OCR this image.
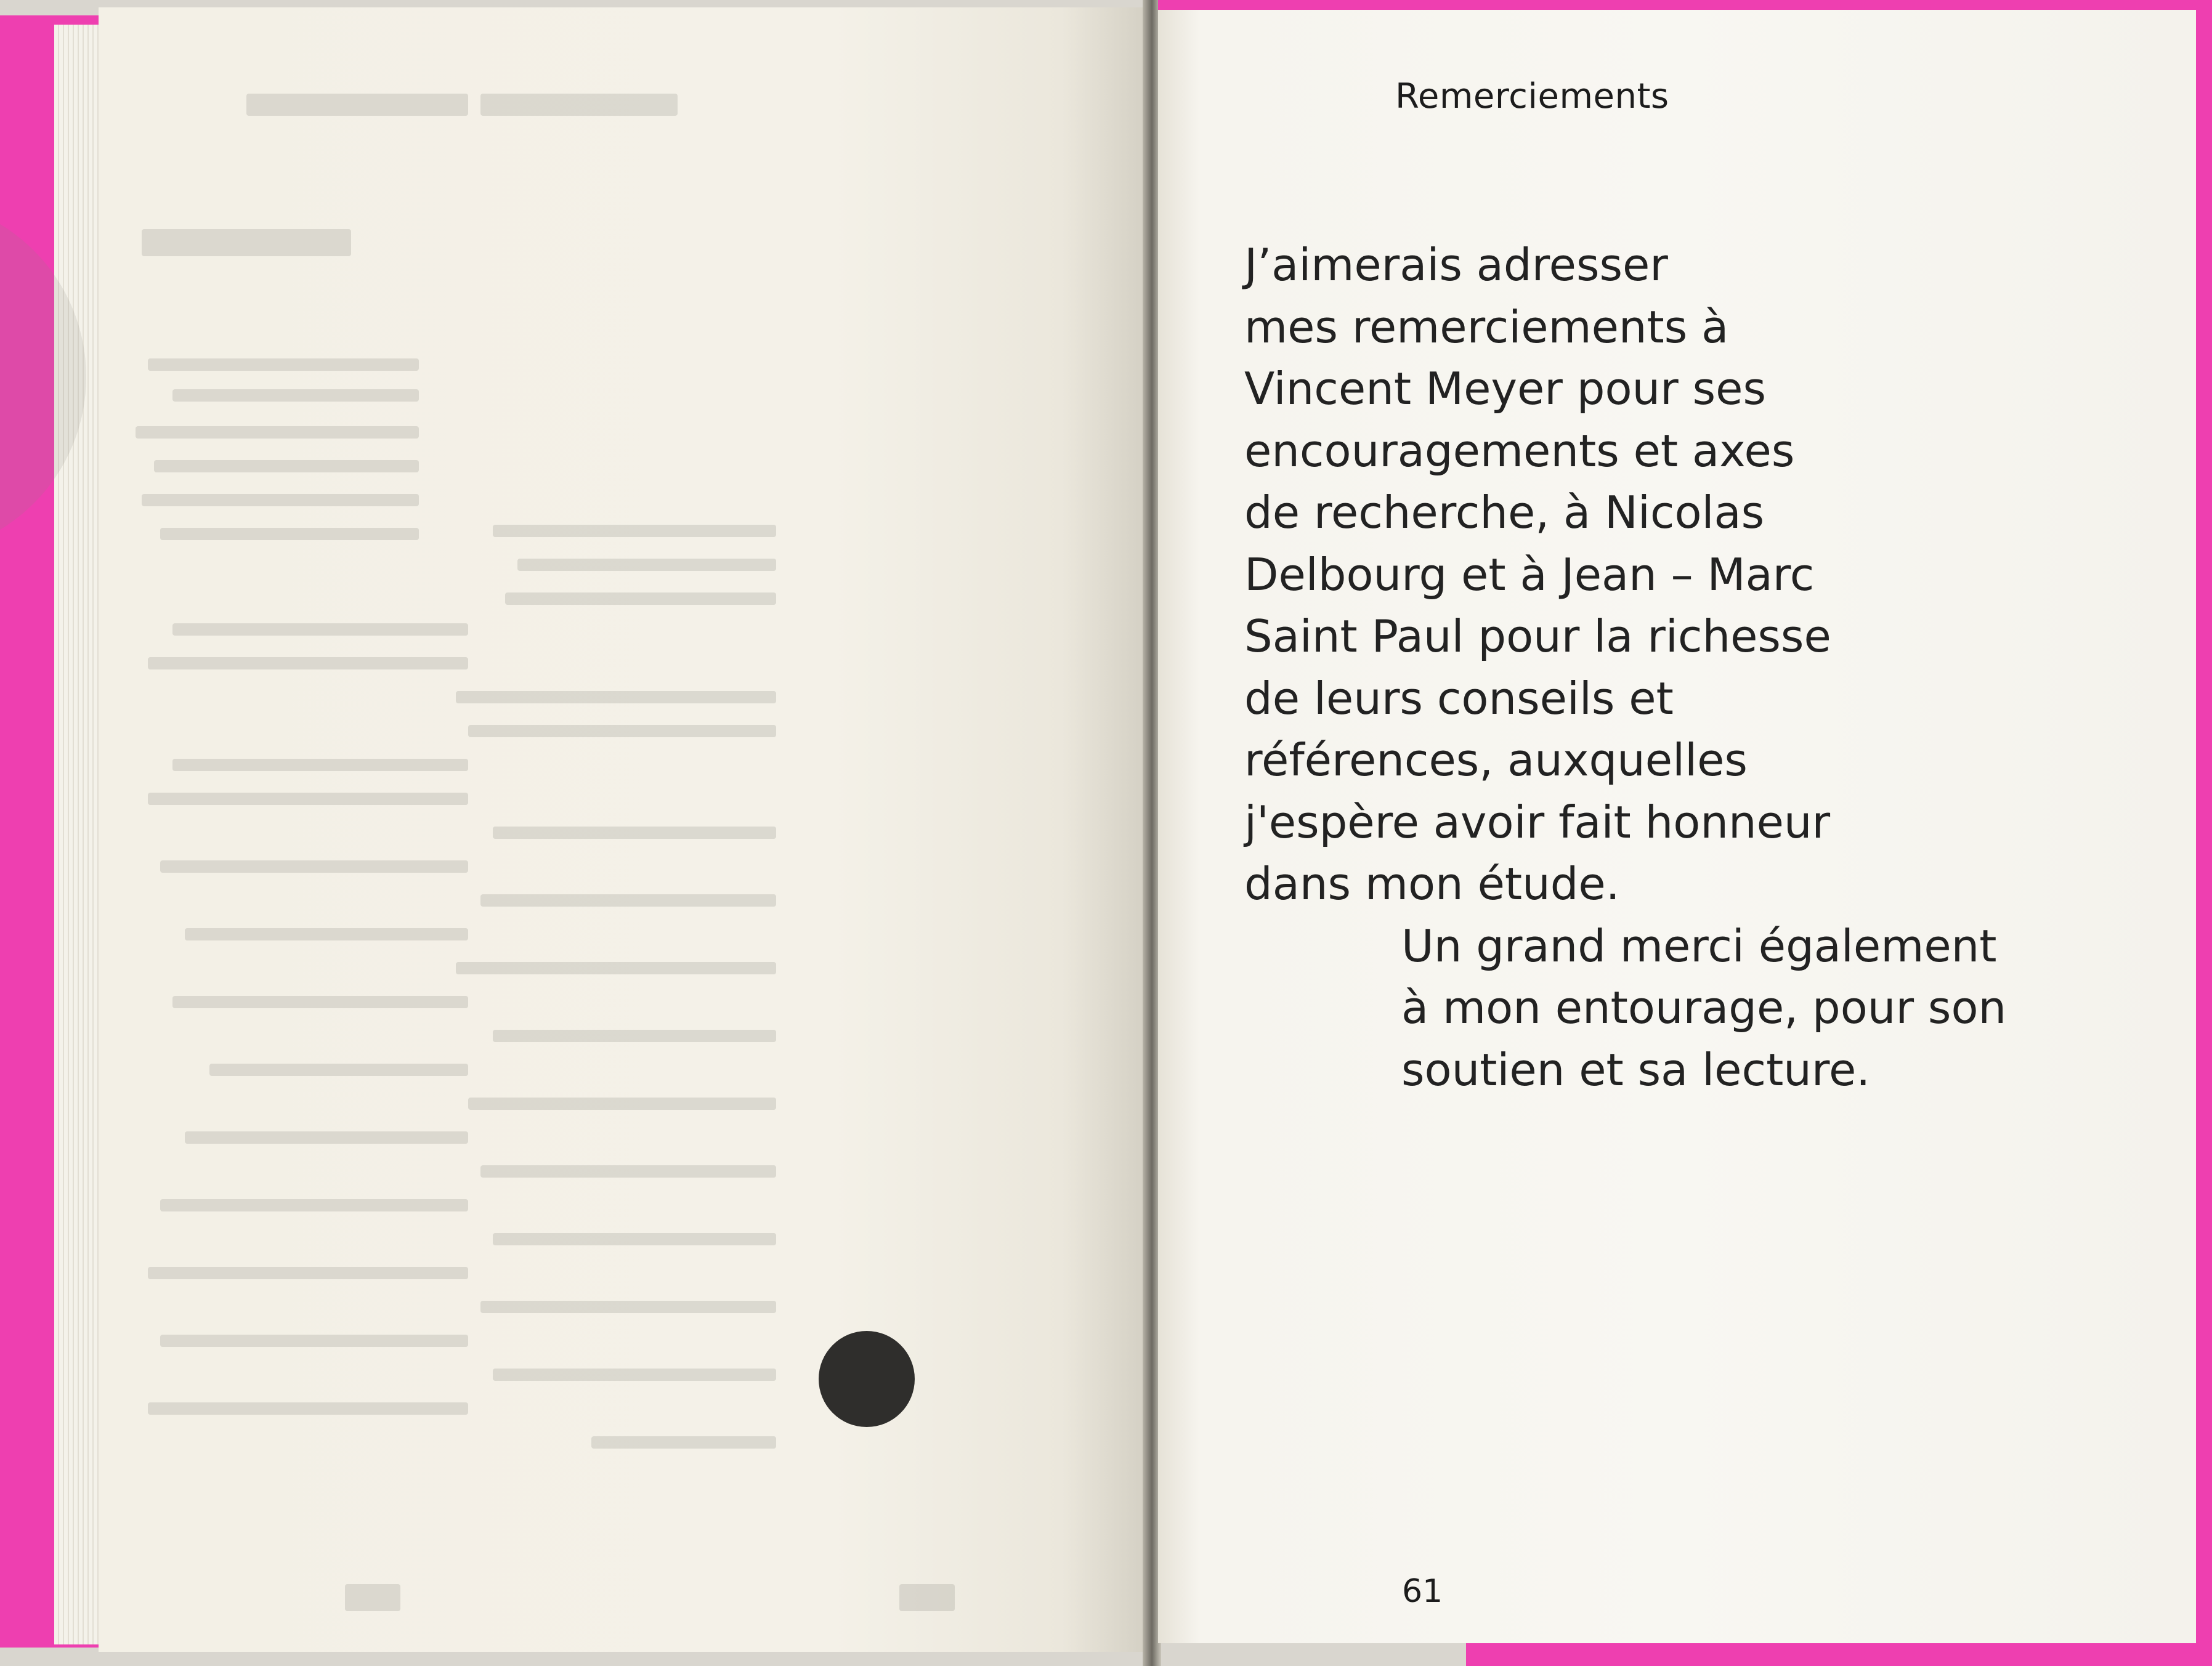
Remerciements
J’aimerais adresser
mes remerciements à
Vincent Meyer pour ses
encouragements et axes
de recherche, à Nicolas
Delbourg et à Jean – Marc
Saint Paul pour la richesse
de leurs conseils et
références, auxquelles
j'espère avoir fait honneur
dans mon étude.
Un grand merci également
à mon entourage, pour son
soutien et sa lecture.
61
